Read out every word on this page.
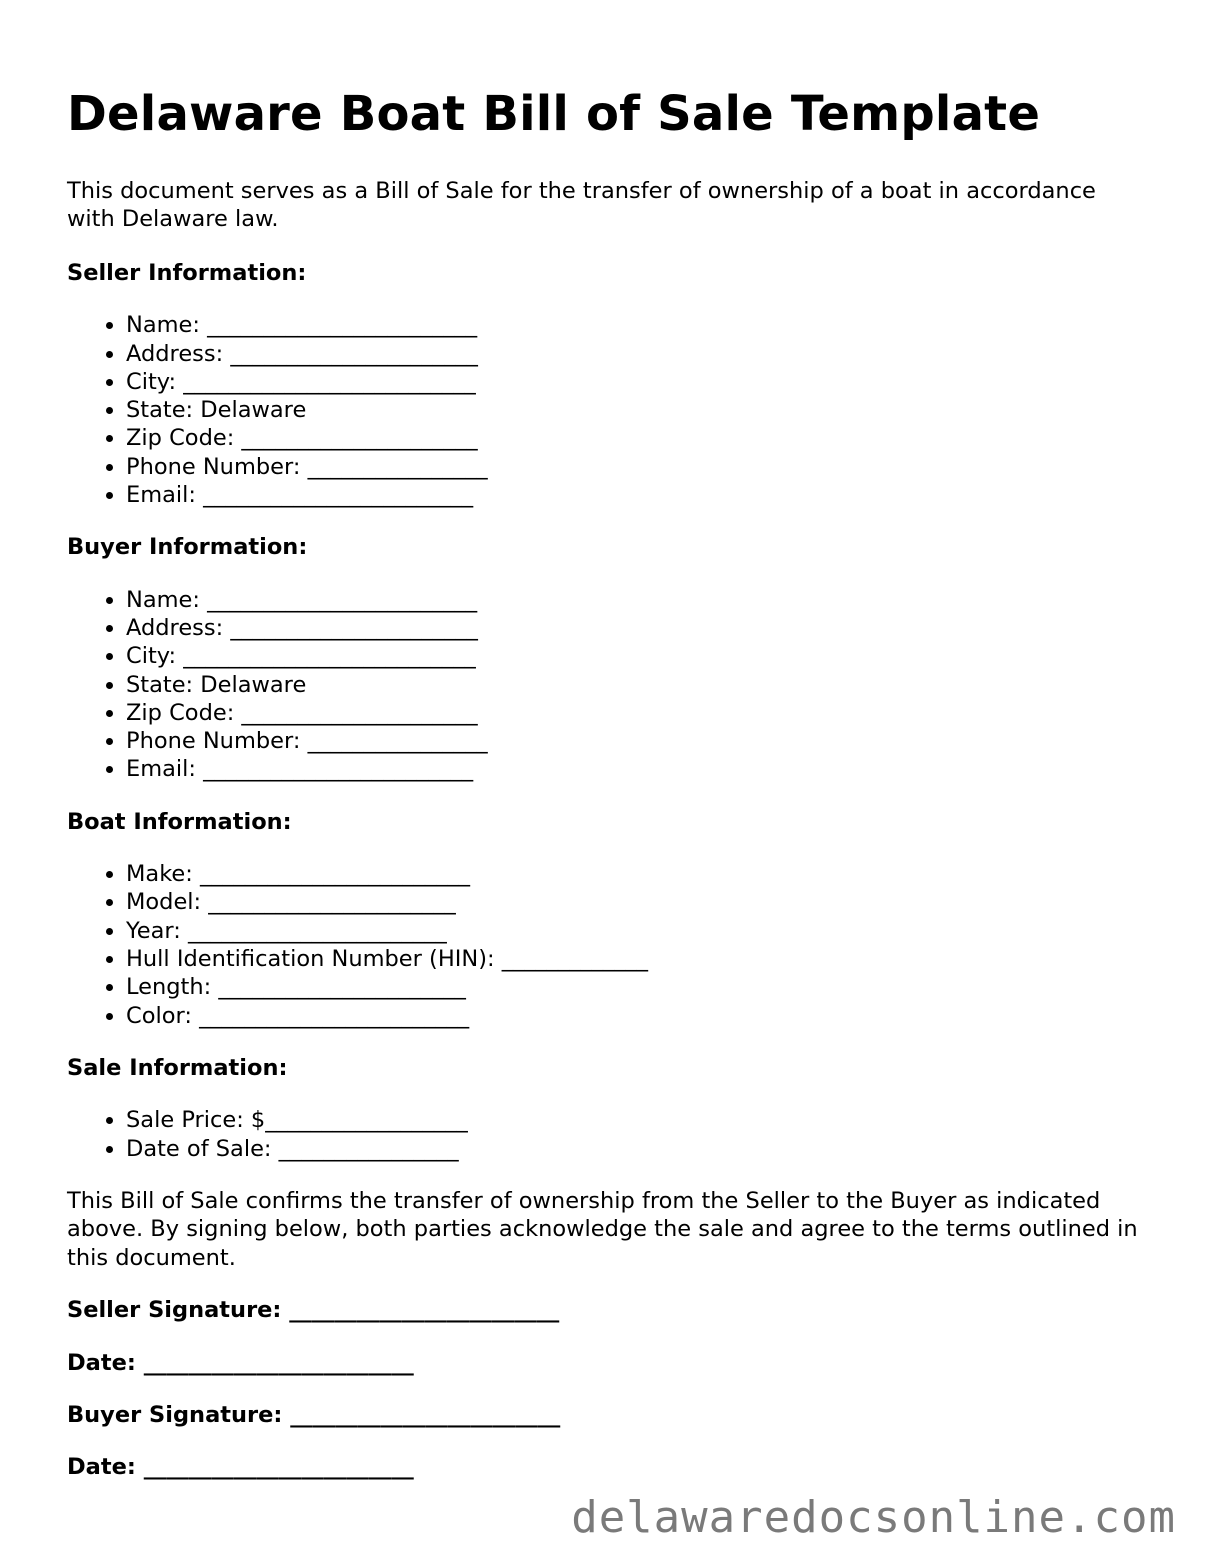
Delaware Boat Bill of Sale Template

This document serves as a Bill of Sale for the transfer of ownership of a boat in accordance with Delaware law.

Seller Information:
• Name: ________________________
• Address: ______________________
• City: __________________________
• State: Delaware
• Zip Code: _____________________
• Phone Number: ________________
• Email: ________________________
Buyer Information:
• Name: ________________________
• Address: ______________________
• City: __________________________
• State: Delaware
• Zip Code: _____________________
• Phone Number: ________________
• Email: ________________________
Boat Information:
• Make: ________________________
• Model: ______________________
• Year: _______________________
• Hull Identification Number (HIN): _____________
• Length: ______________________
• Color: ________________________
Sale Information:
• Sale Price: $__________________
• Date of Sale: ________________

This Bill of Sale confirms the transfer of ownership from the Seller to the Buyer as indicated above. By signing below, both parties acknowledge the sale and agree to the terms outlined in this document.

Seller Signature: ________________________
Date: ________________________
Buyer Signature: ________________________
Date: ________________________
delawaredocsonline.com
